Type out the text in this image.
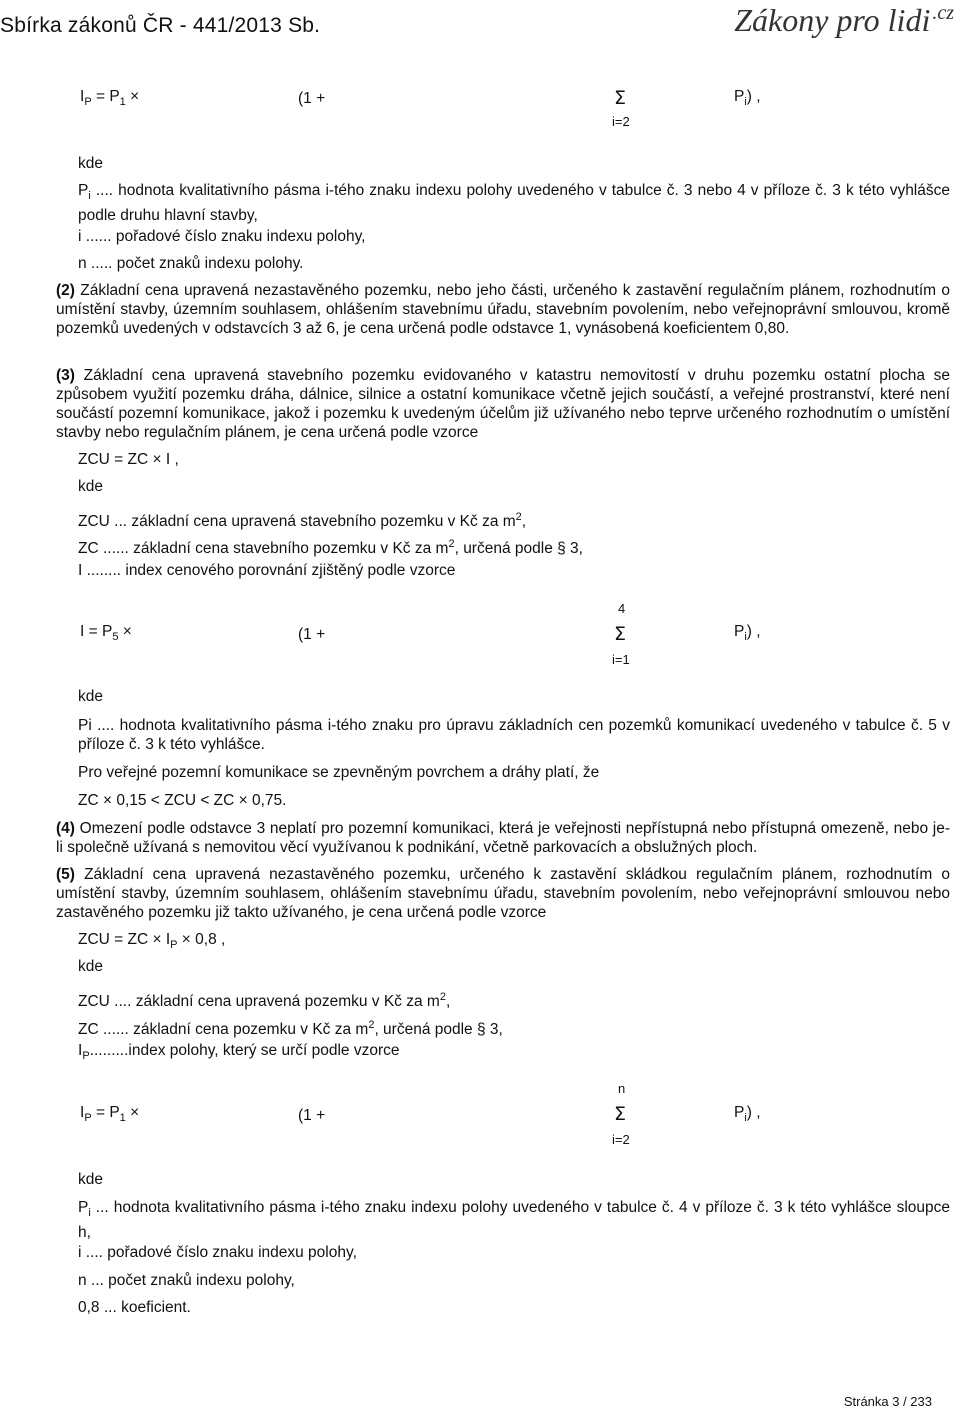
Sbírka zákonů ČR - 441/2013 Sb.	Zákony pro lidi $^{.cz}$
$I_P = P_1$ ×	(1 +	Σ
i=2
$P_i$) ,
kde
$P_i$ .... hodnota kvalitativního pásma i-tého znaku indexu polohy uvedeného v tabulce č. 3 nebo 4 v příloze č. 3 k této vyhlášce podle druhu hlavní stavby,
i ...... pořadové číslo znaku indexu polohy,
n ..... počet znaků indexu polohy.
(2) Základní cena upravená nezastavěného pozemku, nebo jeho části, určeného k zastavění regulačním plánem, rozhodnutím o umístění stavby, územním souhlasem, ohlášením stavebnímu úřadu, stavebním povolením, nebo veřejnoprávní smlouvou, kromě pozemků uvedených v odstavcích 3 až 6, je cena určená podle odstavce 1, vynásobená koeficientem 0,80.
(3) Základní cena upravená stavebního pozemku evidovaného v katastru nemovitostí v druhu pozemku ostatní plocha se způsobem využití pozemku dráha, dálnice, silnice a ostatní komunikace včetně jejich součástí, a veřejné prostranství, které není součástí pozemní komunikace, jakož i pozemku k uvedeným účelům již užívaného nebo teprve určeného rozhodnutím o umístění stavby nebo regulačním plánem, je cena určená podle vzorce
ZCU = ZC × I ,
kde
ZCU ... základní cena upravená stavebního pozemku v Kč za $m^2$,
ZC ...... základní cena stavebního pozemku v Kč za $m^2$, určená podle § 3,
I ........ index cenového porovnání zjištěný podle vzorce
4
$I = P_5$ ×	(1 +	Σ
i=1
$P_i$) ,
kde
Pi .... hodnota kvalitativního pásma i-tého znaku pro úpravu základních cen pozemků komunikací uvedeného v tabulce č. 5 v příloze č. 3 k této vyhlášce.
Pro veřejné pozemní komunikace se zpevněným povrchem a dráhy platí, že
ZC × 0,15 < ZCU < ZC × 0,75.
(4) Omezení podle odstavce 3 neplatí pro pozemní komunikaci, která je veřejnosti nepřístupná nebo přístupná omezeně, nebo je-li společně užívaná s nemovitou věcí využívanou k podnikání, včetně parkovacích a obslužných ploch.
(5) Základní cena upravená nezastavěného pozemku, určeného k zastavění skládkou regulačním plánem, rozhodnutím o umístění stavby, územním souhlasem, ohlášením stavebnímu úřadu, stavebním povolením, nebo veřejnoprávní smlouvou nebo zastavěného pozemku již takto užívaného, je cena určená podle vzorce
ZCU = ZC × $I_P \times 0,8$ ,
kde
ZCU .... základní cena upravená pozemku v Kč za $m^2$,
ZC ...... základní cena pozemku v Kč za $m^2$, určená podle § 3,
$I_P.........index$ polohy, který se určí podle vzorce
n
$I_P = P_1$ ×	(1 +	Σ
i=2
$P_i$) ,
kde
$P_i$ ... hodnota kvalitativního pásma i-tého znaku indexu polohy uvedeného v tabulce č. 4 v příloze č. 3 k této vyhlášce sloupce h,
i .... pořadové číslo znaku indexu polohy,
n ... počet znaků indexu polohy,
0,8 ... koeficient.
Stránka 3 / 233
